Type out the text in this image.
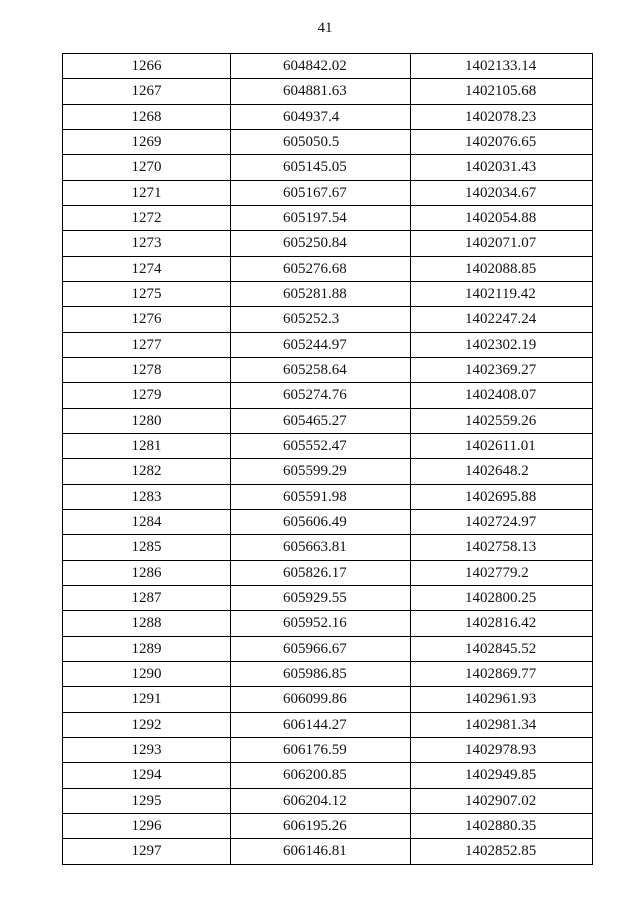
41
1266	604842.02	1402133.14
1267	604881.63	1402105.68
1268	604937.4	1402078.23
1269	605050.5	1402076.65
1270	605145.05	1402031.43
1271	605167.67	1402034.67
1272	605197.54	1402054.88
1273	605250.84	1402071.07
1274	605276.68	1402088.85
1275	605281.88	1402119.42
1276	605252.3	1402247.24
1277	605244.97	1402302.19
1278	605258.64	1402369.27
1279	605274.76	1402408.07
1280	605465.27	1402559.26
1281	605552.47	1402611.01
1282	605599.29	1402648.2
1283	605591.98	1402695.88
1284	605606.49	1402724.97
1285	605663.81	1402758.13
1286	605826.17	1402779.2
1287	605929.55	1402800.25
1288	605952.16	1402816.42
1289	605966.67	1402845.52
1290	605986.85	1402869.77
1291	606099.86	1402961.93
1292	606144.27	1402981.34
1293	606176.59	1402978.93
1294	606200.85	1402949.85
1295	606204.12	1402907.02
1296	606195.26	1402880.35
1297	606146.81	1402852.85
